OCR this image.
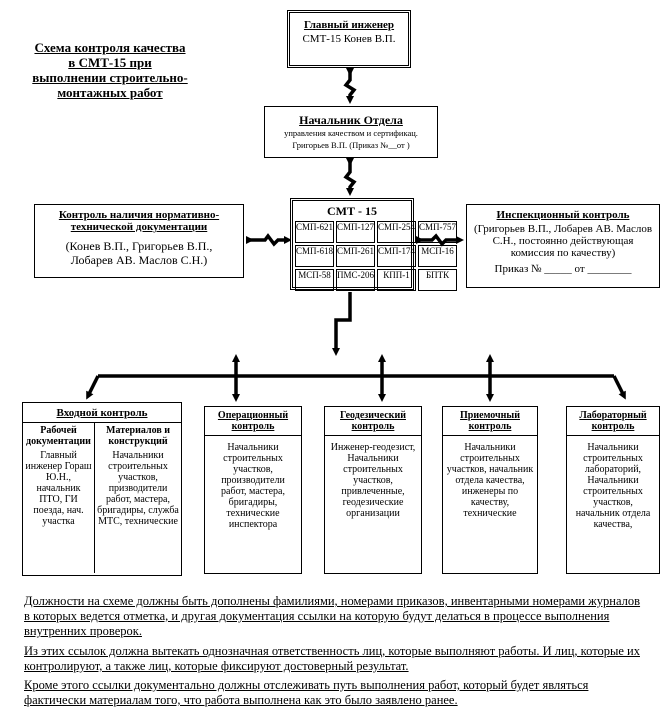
Схема контроля качества
в СМТ-15 при
выполнении строительно-
монтажных работ
Главный инженер
СМТ-15 Конев В.П.
Начальник Отдела
управления качеством и сертификац.
Григорьев В.П. (Приказ №__от )
СМТ - 15
СМП-621 СМП-127 СМП-254 СМП-757
СМП-618 СМП-261 СМП-174 МСП-16
МСП-58 ПМС-206	КПП-1	БПТК
Контроль наличия нормативно-технической документации
(Конев В.П., Григорьев В.П., Лобарев АВ. Маслов С.Н.)
Инспекционный контроль
(Григорьев В.П., Лобарев АВ. Маслов С.Н., постоянно действующая комиссия по качеству)
Приказ № _____ от ________
Входной контроль
Рабочей документации
Главный инженер Гораш Ю.Н., начальник ПТО, ГИ поезда, нач. участка
Материалов и конструкций
Начальники строительных участков, призводители работ, мастера, бригадиры, служба МТС, технические
Операционный контроль
Начальники строительных участков, производители работ, мастера, бригадиры, технические инспектора
Геодезический контроль
Инженер-геодезист, Начальники строительных участков, привлеченные, геодезические организации
Приемочный контроль
Начальники строительных участков, начальник отдела качества, инженеры по качеству, технические
Лабораторный контроль
Начальники строительных лабораторий, Начальники строительных участков, начальник отдела качества,
Должности на схеме должны быть дополнены фамилиями, номерами приказов, инвентарными номерами журналов в которых ведется отметка, и другая документация ссылки на которую будут делаться в процессе выполнения внутренних проверок.
Из этих ссылок должна вытекать однозначная ответственность лиц, которые выполняют работы. И лиц, которые их контролируют, а также лиц, которые фиксируют достоверный результат.
Кроме этого ссылки документально должны отслеживать путь выполнения работ, который будет являться фактически материалам того, что работа выполнена как это было заявлено ранее.
